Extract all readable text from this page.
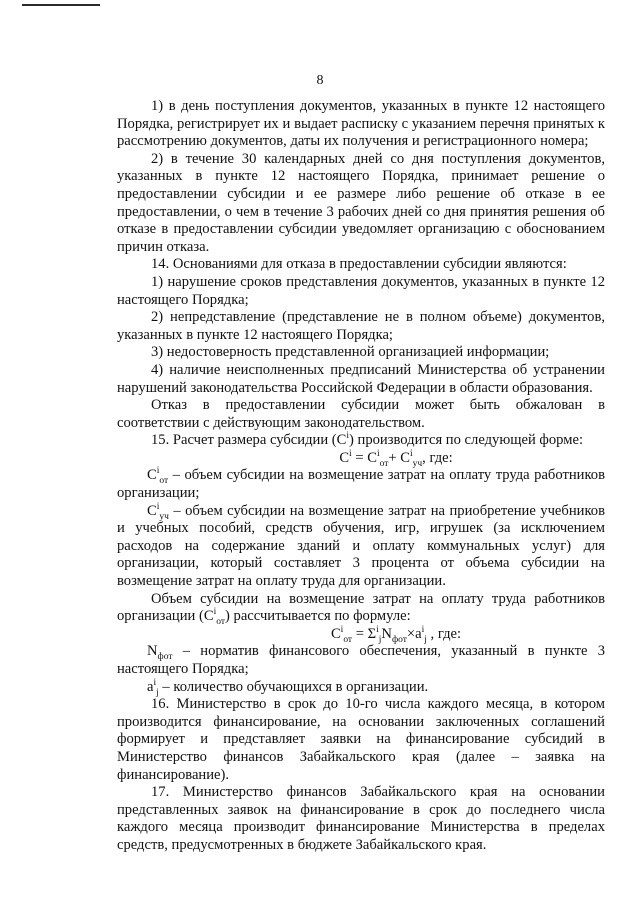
8

1) в день поступления документов, указанных в пункте 12 настоящего Порядка, регистрирует их и выдает расписку с указанием перечня принятых к рассмотрению документов, даты их получения и регистрационного номера;

2) в течение 30 календарных дней со дня поступления документов, указанных в пункте 12 настоящего Порядка, принимает решение о предоставлении субсидии и ее размере либо решение об отказе в ее предоставлении, о чем в течение 3 рабочих дней со дня принятия решения об отказе в предоставлении субсидии уведомляет организацию с обоснованием причин отказа.

14. Основаниями для отказа в предоставлении субсидии являются:

1) нарушение сроков представления документов, указанных в пункте 12 настоящего Порядка;

2) непредставление (представление не в полном объеме) документов, указанных в пункте 12 настоящего Порядка;

3) недостоверность представленной организацией информации;

4) наличие неисполненных предписаний Министерства об устранении нарушений законодательства Российской Федерации в области образования.

Отказ в предоставлении субсидии может быть обжалован в соответствии с действующим законодательством.

15. Расчет размера субсидии $(С^i)$ производится по следующей форме:

$C^i = C^i_{от}+ C^i_{уч}$, где:

$C^i_{от}$ – объем субсидии на возмещение затрат на оплату труда работников организации;

$C^i_{уч}$ – объем субсидии на возмещение затрат на приобретение учебников и учебных пособий, средств обучения, игр, игрушек (за исключением расходов на содержание зданий и оплату коммунальных услуг) для организации, который составляет 3 процента от объема субсидии на возмещение затрат на оплату труда для организации.

Объем субсидии на возмещение затрат на оплату труда работников организации $(С^i_{от})$ рассчитывается по формуле:

$C^i_{от} = \Sigma^i_jN_{фот}\times a^i_j$ , где:

$N_{фот}$ – норматив финансового обеспечения, указанный в пункте 3 настоящего Порядка;

$a^i_j$ – количество обучающихся в организации.

16. Министерство в срок до 10-го числа каждого месяца, в котором производится финансирование, на основании заключенных соглашений формирует и представляет заявки на финансирование субсидий в Министерство финансов Забайкальского края (далее – заявка на финансирование).

17. Министерство финансов Забайкальского края на основании представленных заявок на финансирование в срок до последнего числа каждого месяца производит финансирование Министерства в пределах средств, предусмотренных в бюджете Забайкальского края.
